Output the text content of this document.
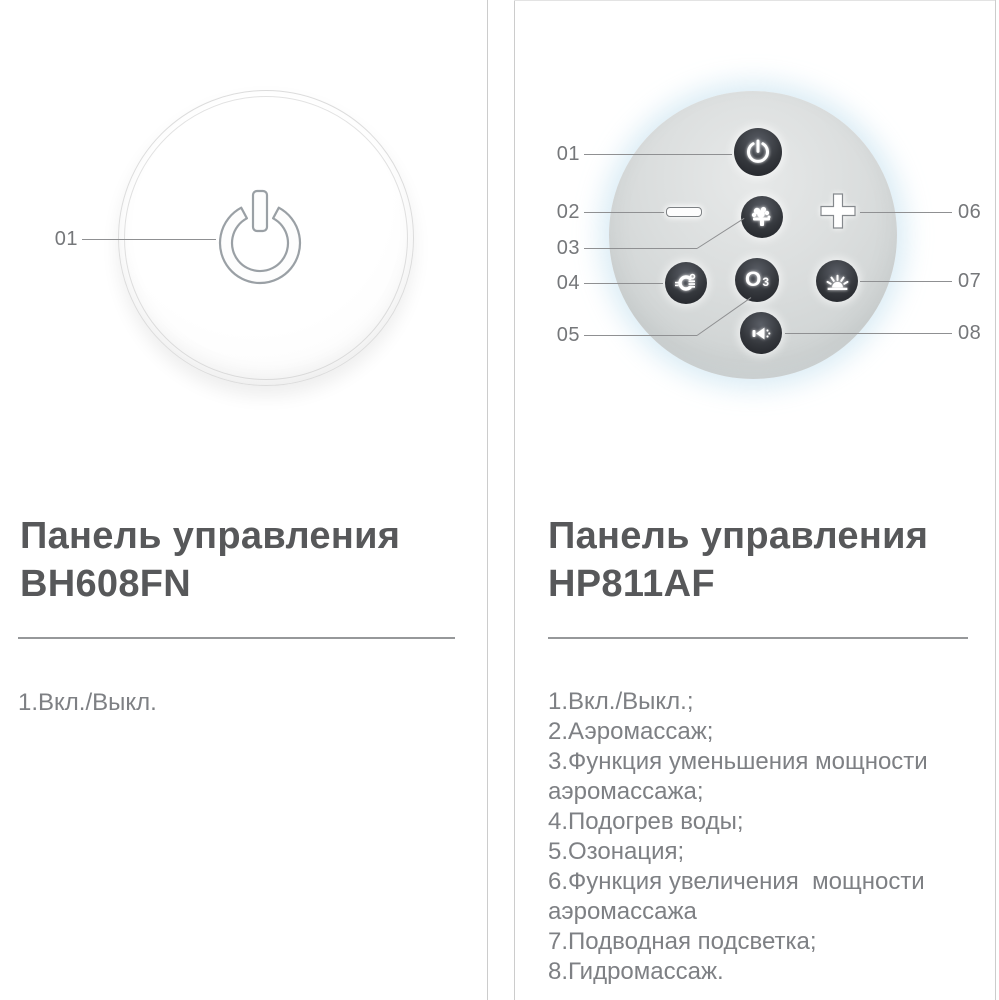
01
Панель управления
BH608FN
1.Вкл./Выкл.
O 3
01
02
03
04
05
06
07
08
Панель управления
HP811AF
1.Вкл./Выкл.;
2.Аэромассаж;
3.Функция уменьшения мощности аэромассажа;
4.Подогрев воды;
5.Озонация;
6.Функция увеличения  мощности аэромассажа
7.Подводная подсветка;
8.Гидромассаж.
